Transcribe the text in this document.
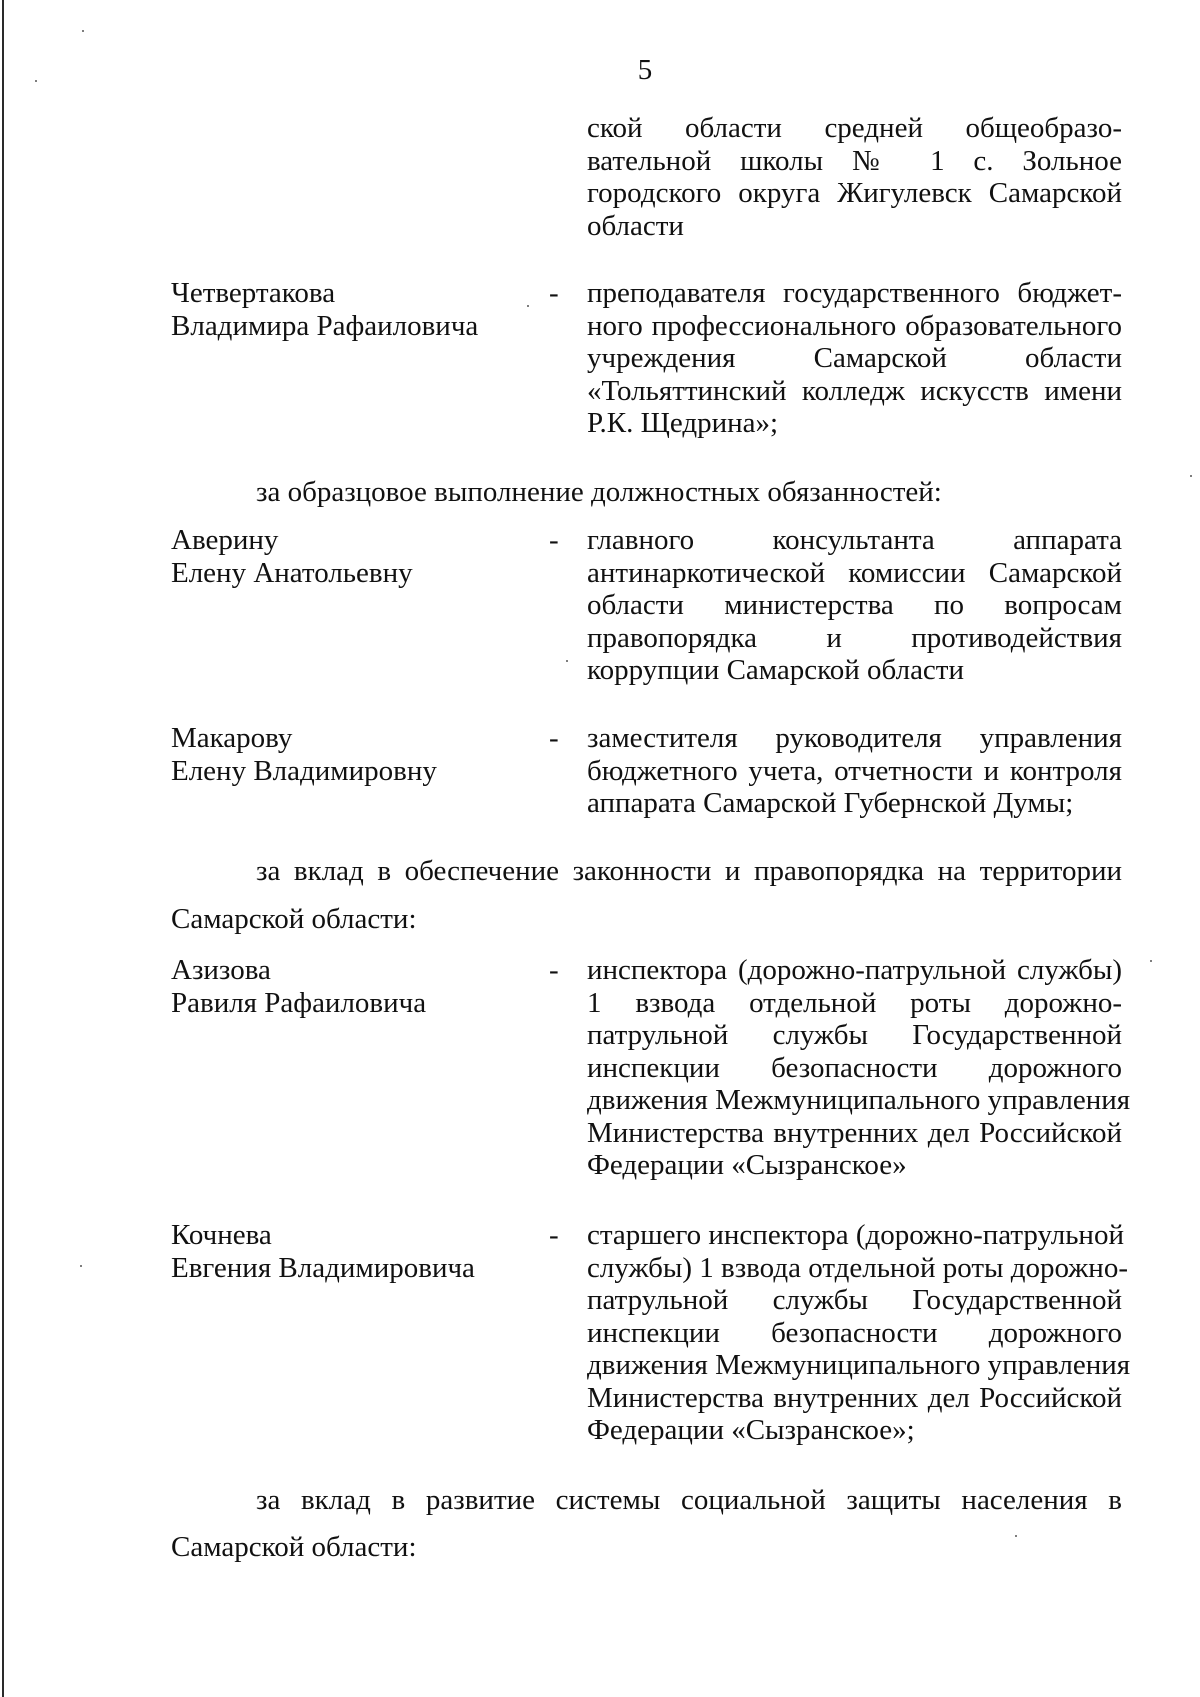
5
ской области средней общеобразо-
вательной школы № 1 с. Зольное
городского округа Жигулевск Самарской
области
Четвертакова
Владимира Рафаиловича
- преподавателя государственного бюджет-
ного профессионального образовательного
учреждения Самарской области
«Тольяттинский колледж искусств имени
Р.К. Щедрина»;
за образцовое выполнение должностных обязанностей:
Аверину
Елену Анатольевну
- главного консультанта аппарата
антинаркотической комиссии Самарской
области министерства по вопросам
правопорядка и противодействия
коррупции Самарской области
Макарову
Елену Владимировну
- заместителя руководителя управления
бюджетного учета, отчетности и контроля
аппарата Самарской Губернской Думы;
за вклад в обеспечение законности и правопорядка на территории
Самарской области:
Азизова
Равиля Рафаиловича
- инспектора (дорожно-патрульной службы)
1 взвода отдельной роты дорожно-
патрульной службы Государственной
инспекции безопасности дорожного
движения Межмуниципального управления
Министерства внутренних дел Российской
Федерации «Сызранское»
Кочнева
Евгения Владимировича
- старшего инспектора (дорожно-патрульной
службы) 1 взвода отдельной роты дорожно-
патрульной службы Государственной
инспекции безопасности дорожного
движения Межмуниципального управления
Министерства внутренних дел Российской
Федерации «Сызранское»;
за вклад в развитие системы социальной защиты населения в
Самарской области:
